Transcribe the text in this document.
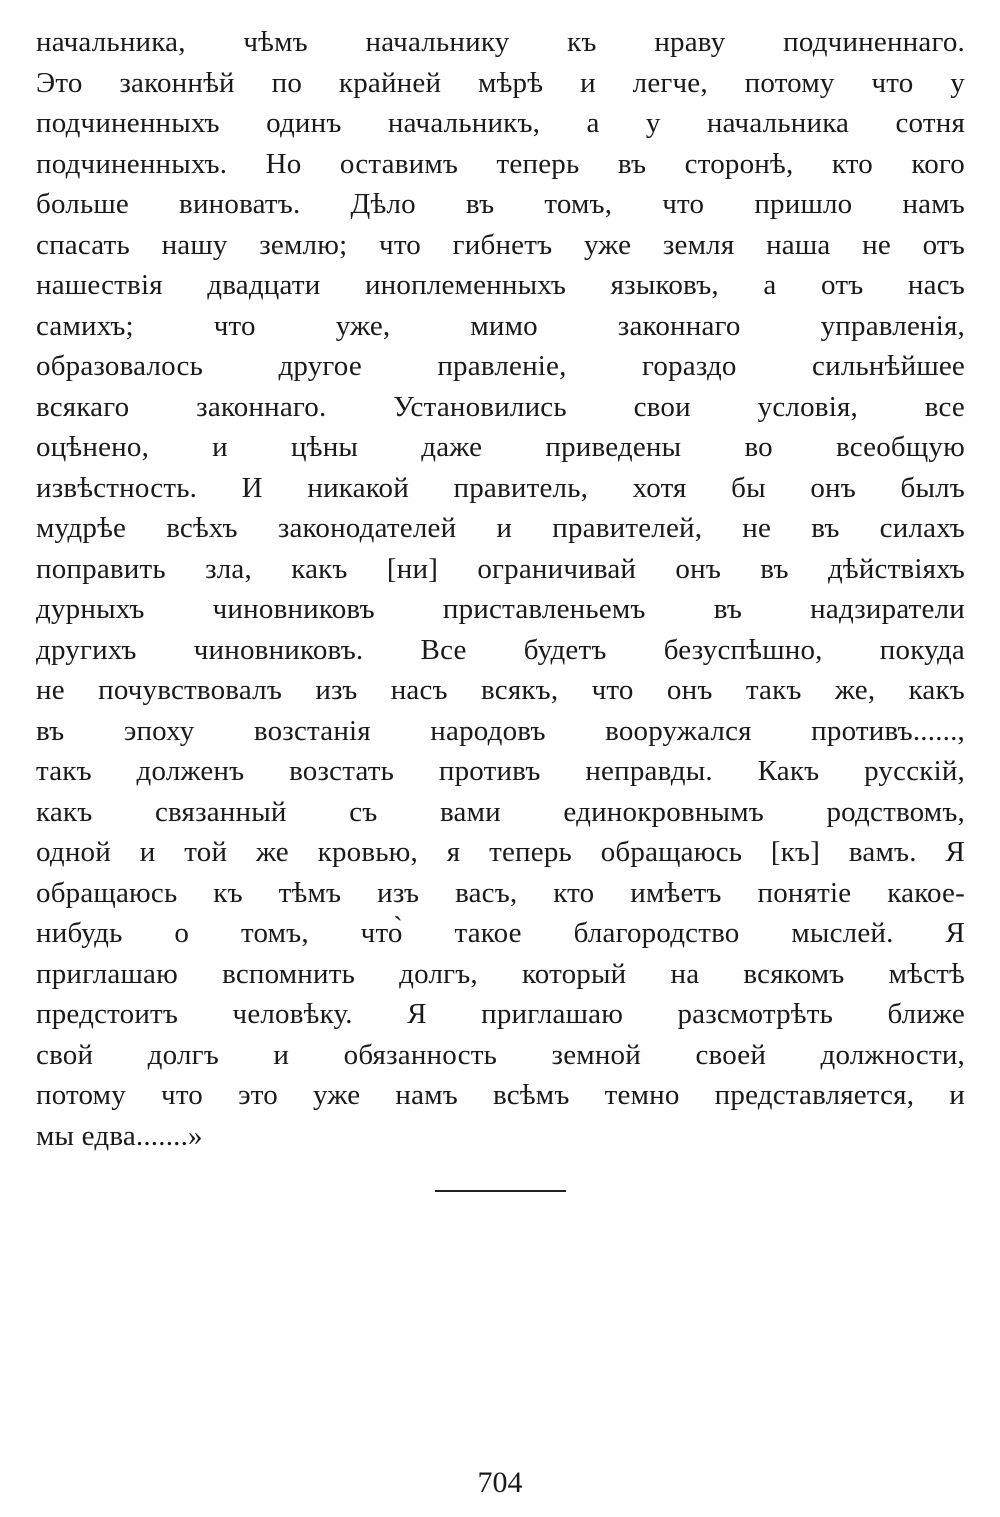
начальника, чѣмъ начальнику къ нраву подчиненнаго.
Это законнѣй по крайней мѣрѣ и легче, потому что у
подчиненныхъ одинъ начальникъ, а у начальника сотня
подчиненныхъ. Но оставимъ теперь въ сторонѣ, кто кого
больше виноватъ. Дѣло въ томъ, что пришло намъ
спасать нашу землю; что гибнетъ уже земля наша не отъ
нашествія двадцати иноплеменныхъ языковъ, а отъ насъ
самихъ; что уже, мимо законнаго управленія,
образовалось другое правленіе, гораздо сильнѣйшее
всякаго законнаго. Установились свои условія, все
оцѣнено, и цѣны даже приведены во всеобщую
извѣстность. И никакой правитель, хотя бы онъ былъ
мудрѣе всѣхъ законодателей и правителей, не въ силахъ
поправить зла, какъ [ни] ограничивай онъ въ дѣйствіяхъ
дурныхъ чиновниковъ приставленьемъ въ надзиратели
другихъ чиновниковъ. Все будетъ безуспѣшно, покуда
не почувствовалъ изъ насъ всякъ, что онъ такъ же, какъ
въ эпоху возстанія народовъ вооружался противъ......,
такъ долженъ возстать противъ неправды. Какъ русскій,
какъ связанный съ вами единокровнымъ родствомъ,
одной и той же кровью, я теперь обращаюсь [къ] вамъ. Я
обращаюсь къ тѣмъ изъ васъ, кто имѣетъ понятіе какое-
нибудь о томъ, что̀ такое благородство мыслей. Я
приглашаю вспомнить долгъ, который на всякомъ мѣстѣ
предстоитъ человѣку. Я приглашаю разсмотрѣть ближе
свой долгъ и обязанность земной своей должности,
потому что это уже намъ всѣмъ темно представляется, и
мы едва.......»
704
